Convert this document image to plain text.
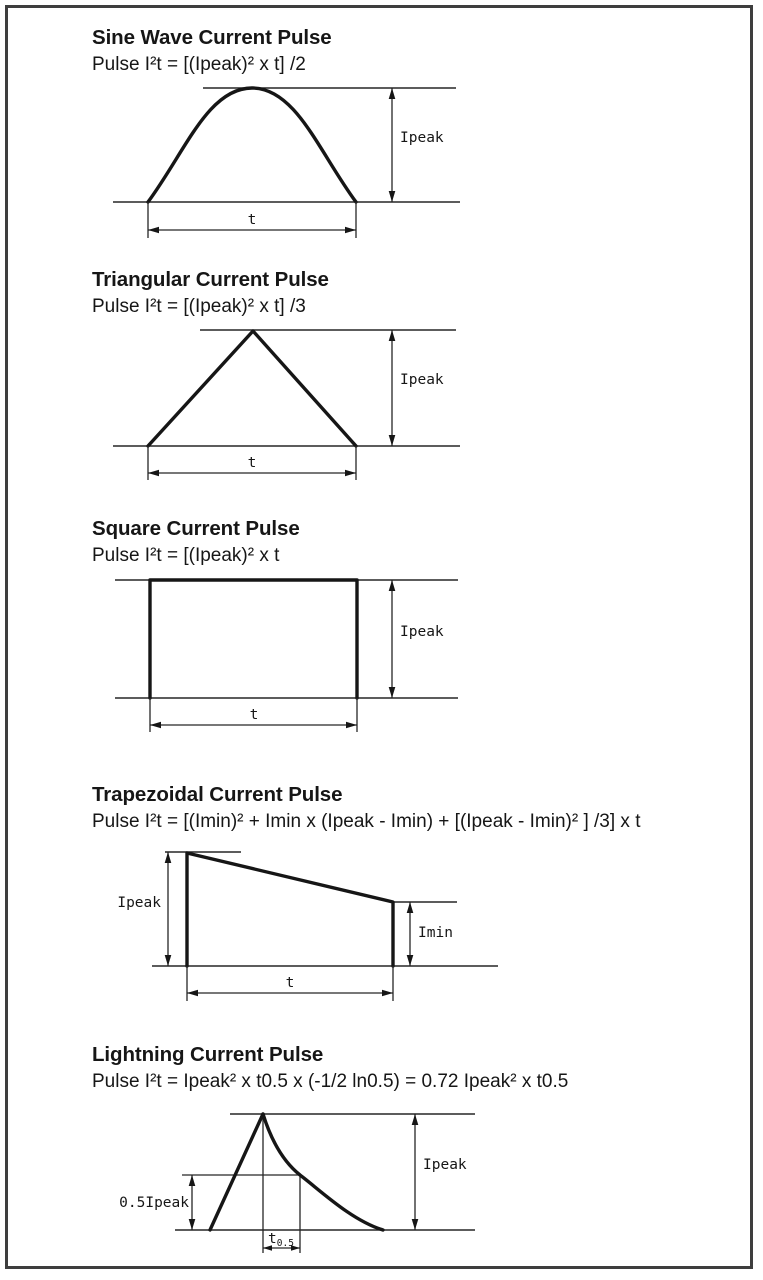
Sine Wave Current Pulse

Pulse I²t = [(Ipeak)² x t] /2

Ipeak
t
Triangular Current Pulse

Pulse I²t = [(Ipeak)² x t] /3

Ipeak
t
Square Current Pulse

Pulse I²t = [(Ipeak)² x t

Ipeak
t
Trapezoidal Current Pulse

Pulse I²t = [(Imin)² + Imin x (Ipeak - Imin) + [(Ipeak - Imin)² ] /3] x t

Ipeak
Imin
t
Lightning Current Pulse

Pulse I²t = Ipeak² x t0.5 x (-1/2 ln0.5) = 0.72 Ipeak² x t0.5

0.5Ipeak
Ipeak
$t_{0.5}$
